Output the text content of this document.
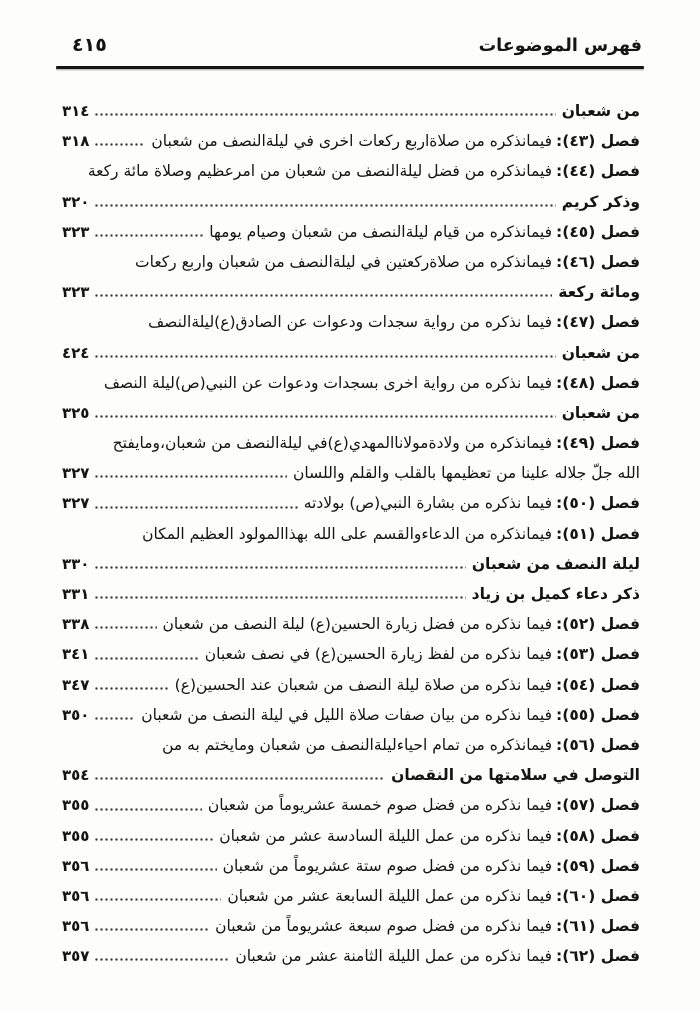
فهرس الموضوعات
٤١٥
من شعبان
٣١٤
فصل (٤٣):
فيمانذكره من صلاةاربع ركعات اخرى في ليلةالنصف من شعبان
٣١٨
فصل (٤٤):
فيمانذكره من فضل ليلةالنصف من شعبان من امرعظيم وصلاة مائة ركعة
وذكر كريم
٣٢٠
فصل (٤٥):
فيمانذكره من قيام ليلةالنصف من شعبان وصيام يومها
٣٢٣
فصل (٤٦):
فيمانذكره من صلاةركعتين في ليلةالنصف من شعبان واربع ركعات
ومائة ركعة
٣٢٣
فصل (٤٧):
فيما نذكره من رواية سجدات ودعوات عن الصادق(ع)ليلةالنصف
من شعبان
٤٢٤
فصل (٤٨):
فيما نذكره من رواية اخرى بسجدات ودعوات عن النبي(ص)ليلة النصف
من شعبان
٣٢٥
فصل (٤٩):
فيمانذكره من ولادةمولاناالمهدي(ع)في ليلةالنصف من شعبان،ومايفتح
الله جلّ جلاله علينا من تعظيمها بالقلب والقلم واللسان
٣٢٧
فصل (٥٠):
فيما نذكره من بشارة النبي(ص) بولادته
٣٢٧
فصل (٥١):
فيمانذكره من الدعاءوالقسم على الله بهذاالمولود العظيم المكان
ليلة النصف من شعبان
٣٣٠
ذكر دعاء كميل بن زياد
٣٣١
فصل (٥٢):
فيما نذكره من فضل زيارة الحسين(ع) ليلة النصف من شعبان
٣٣٨
فصل (٥٣):
فيما نذكره من لفظ زيارة الحسين(ع) في نصف شعبان
٣٤١
فصل (٥٤):
فيما نذكره من صلاة ليلة النصف من شعبان عند الحسين(ع)
٣٤٧
فصل (٥٥):
فيما نذكره من بيان صفات صلاة الليل في ليلة النصف من شعبان
٣٥٠
فصل (٥٦):
فيمانذكره من تمام احياءليلةالنصف من شعبان ومايختم به من
التوصل في سلامتها من النقصان
٣٥٤
فصل (٥٧):
فيما نذكره من فضل صوم خمسة عشريوماً من شعبان
٣٥٥
فصل (٥٨):
فيما نذكره من عمل الليلة السادسة عشر من شعبان
٣٥٥
فصل (٥٩):
فيما نذكره من فضل صوم ستة عشريوماً من شعبان
٣٥٦
فصل (٦٠):
فيما نذكره من عمل الليلة السابعة عشر من شعبان
٣٥٦
فصل (٦١):
فيما نذكره من فضل صوم سبعة عشريوماً من شعبان
٣٥٦
فصل (٦٢):
فيما نذكره من عمل الليلة الثامنة عشر من شعبان
٣٥٧
